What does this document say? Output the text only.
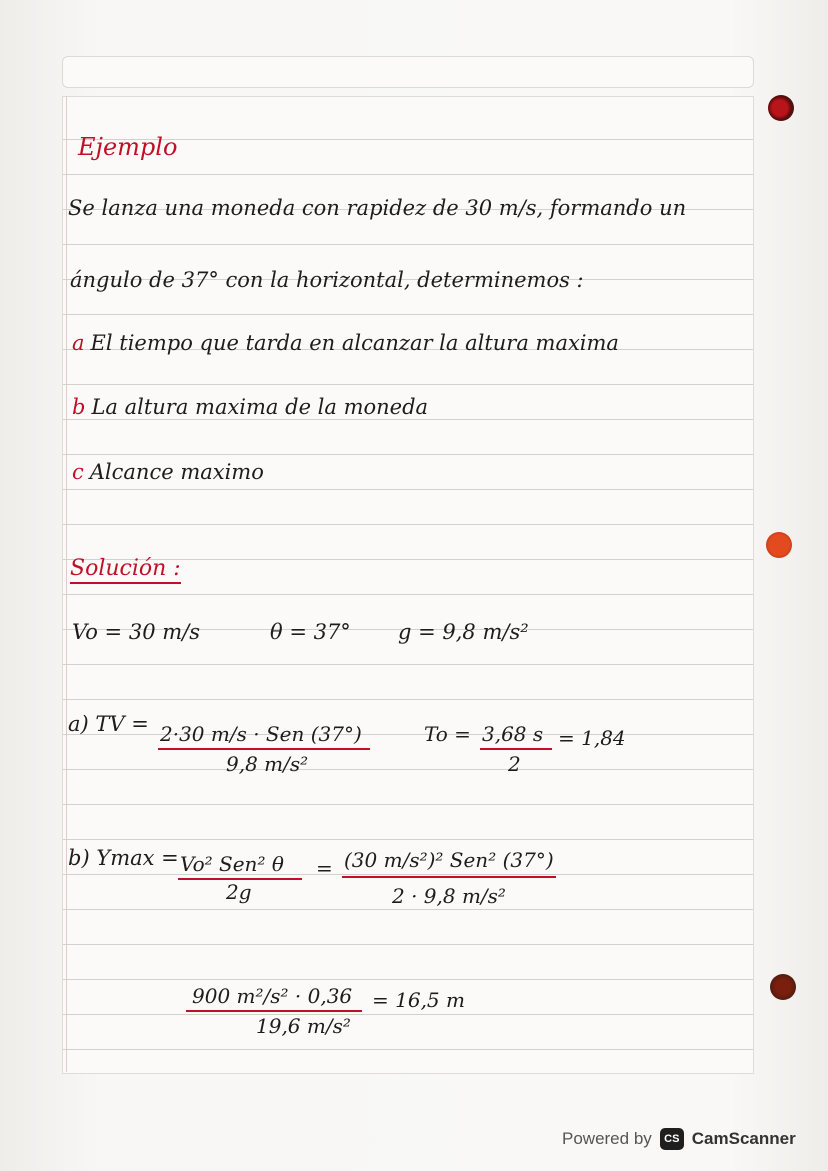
Ejemplo
Se lanza una moneda con rapidez de 30 m/s, formando un
ángulo de 37° con la horizontal, determinemos :
a El tiempo que tarda en alcanzar la altura maxima
b La altura maxima de la moneda
c Alcance maximo
Solución :
Vo = 30 m/s	θ = 37° g = 9,8 m/s²
a) TV = 2·30 m/s · Sen (37°)
9,8 m/s²
To = 3,68 s
2
= 1,84
b) Ymax = Vo² Sen² θ
2g
= (30 m/s²)² Sen² (37°)
2 · 9,8 m/s²
900 m²/s² · 0,36
19,6 m/s²
= 16,5 m
Powered by	CS CamScanner
